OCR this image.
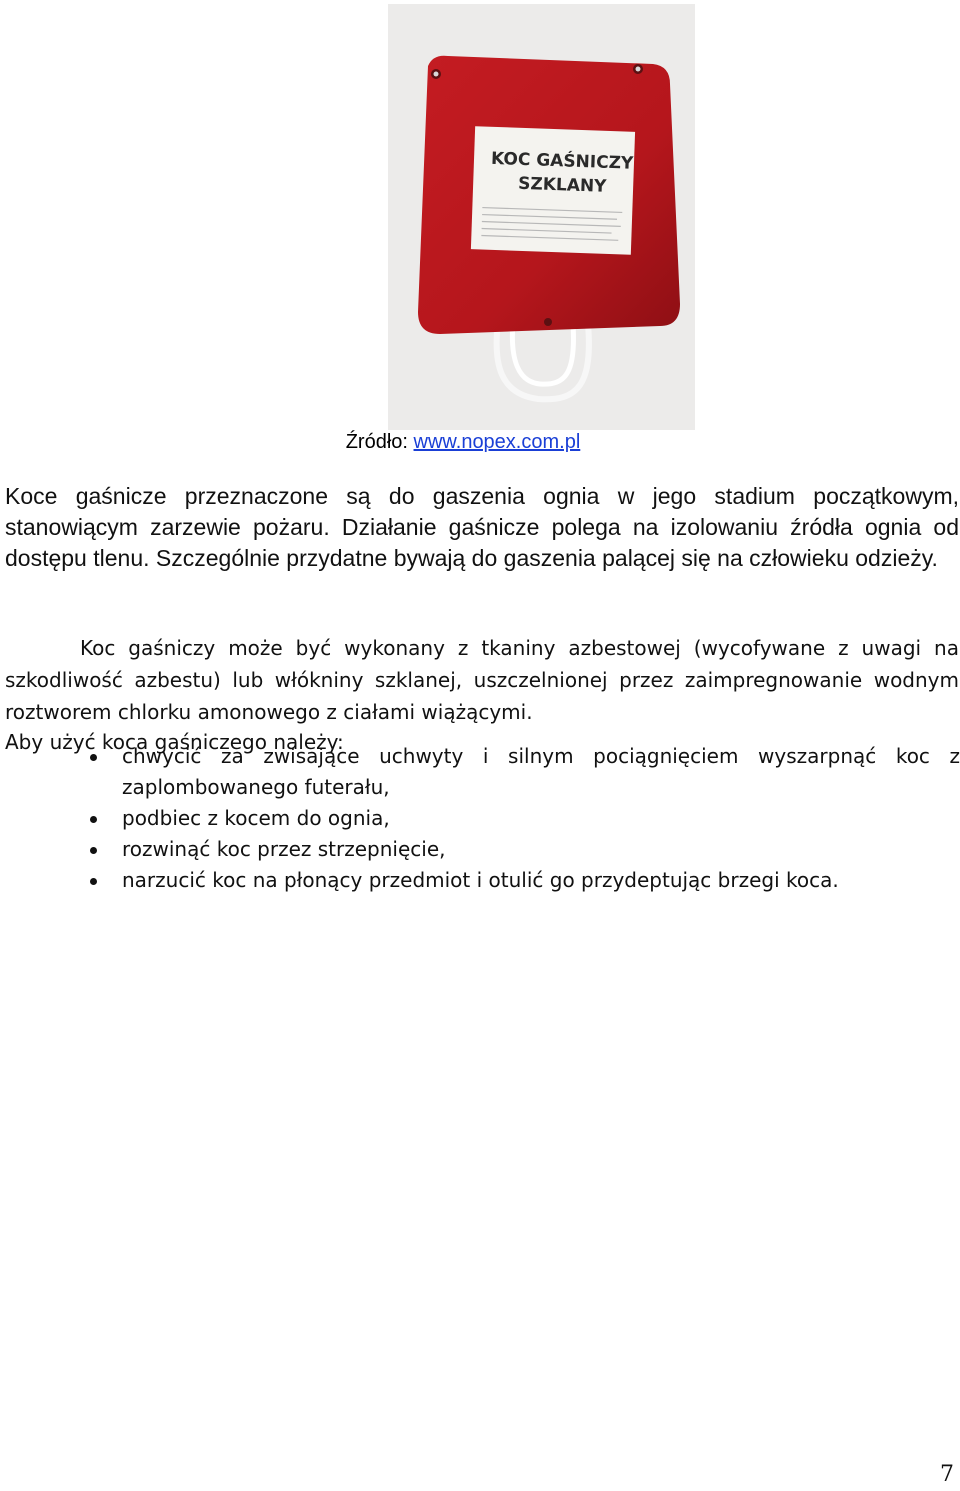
KOC GAŚNICZY
SZKLANY
Źródło: www.nopex.com.pl

Koce gaśnicze przeznaczone są do gaszenia ognia w jego stadium początkowym, stanowiącym zarzewie pożaru. Działanie gaśnicze polega na izolowaniu źródła ognia od dostępu tlenu. Szczególnie przydatne bywają do gaszenia palącej się na człowieku odzieży.

Koc gaśniczy może być wykonany z tkaniny azbestowej (wycofywane z uwagi na szkodliwość azbestu) lub włókniny szklanej, uszczelnionej przez zaimpregnowanie wodnym roztworem chlorku amonowego z ciałami wiążącymi.

Aby użyć koca gaśniczego należy:

chwycić za zwisające uchwyty i silnym pociągnięciem wyszarpnąć koc z zaplombowanego futerału,
podbiec z kocem do ognia,
rozwinąć koc przez strzepnięcie,
narzucić koc na płonący przedmiot i otulić go przydeptując brzegi koca.
7
